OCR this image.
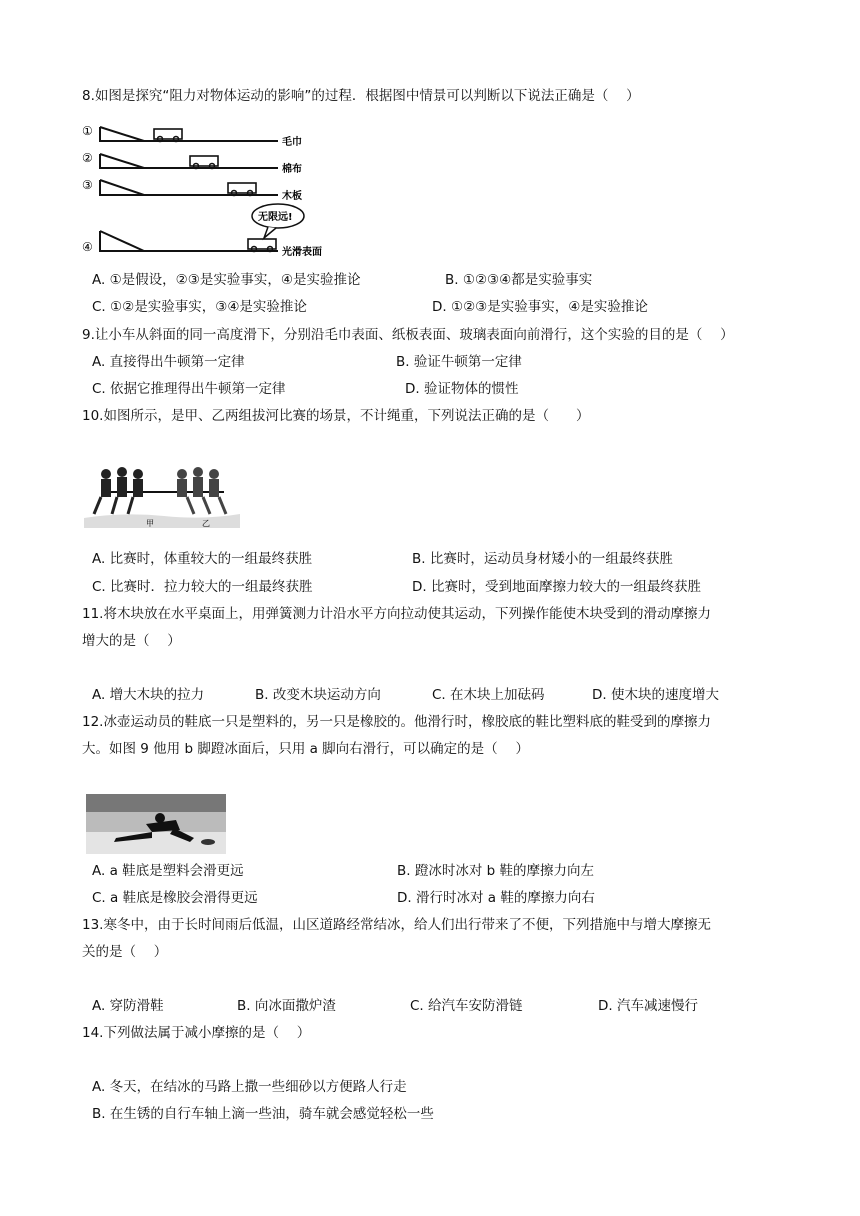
8.如图是探究“阻力对物体运动的影响”的过程．根据图中情景可以判断以下说法正确是（　 ）
①
毛巾
②
棉布
③
木板
无限远!
④	光滑表面
A. ①是假设，②③是实验事实，④是实验推论	B. ①②③④都是实验事实
C. ①②是实验事实，③④是实验推论	D. ①②③是实验事实，④是实验推论
9.让小车从斜面的同一高度滑下，分别沿毛巾表面、纸板表面、玻璃表面向前滑行，这个实验的目的是（　 ）
A. 直接得出牛顿第一定律	B. 验证牛顿第一定律
C. 依据它推理得出牛顿第一定律	D. 验证物体的惯性
10.如图所示，是甲、乙两组拔河比赛的场景，不计绳重，下列说法正确的是（　　）
甲	乙
A. 比赛时，体重较大的一组最终获胜	B. 比赛时，运动员身材矮小的一组最终获胜
C. 比赛时．拉力较大的一组最终获胜	D. 比赛时，受到地面摩擦力较大的一组最终获胜
11.将木块放在水平桌面上，用弹簧测力计沿水平方向拉动使其运动，下列操作能使木块受到的滑动摩擦力
增大的是（　 ）
A. 增大木块的拉力	B. 改变木块运动方向	C. 在木块上加砝码	D. 使木块的速度增大
12.冰壶运动员的鞋底一只是塑料的，另一只是橡胶的。他滑行时，橡胶底的鞋比塑料底的鞋受到的摩擦力
大。如图 9 他用 b 脚蹬冰面后，只用 a 脚向右滑行，可以确定的是（　 ）
A. a 鞋底是塑料会滑更远	B. 蹬冰时冰对 b 鞋的摩擦力向左
C. a 鞋底是橡胶会滑得更远	D. 滑行时冰对 a 鞋的摩擦力向右
13.寒冬中，由于长时间雨后低温，山区道路经常结冰，给人们出行带来了不便，下列措施中与增大摩擦无
关的是（　 ）
A. 穿防滑鞋	B. 向冰面撒炉渣	C. 给汽车安防滑链	D. 汽车减速慢行
14.下列做法属于减小摩擦的是（　 ）
A. 冬天，在结冰的马路上撒一些细砂以方便路人行走
B. 在生锈的自行车轴上滴一些油，骑车就会感觉轻松一些
